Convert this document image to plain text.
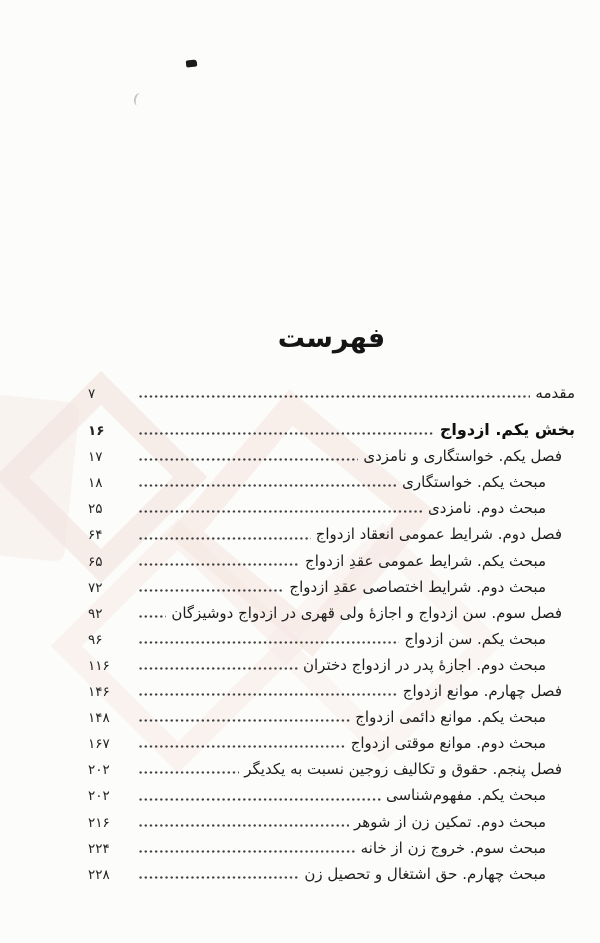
فهرست
مقدمه
۷
بخش یکم. ازدواج
۱۶
فصل یکم. خواستگاری و نامزدی
۱۷
مبحث یکم. خواستگاری
۱۸
مبحث دوم. نامزدی
۲۵
فصل دوم. شرایط عمومی انعقاد ازدواج
۶۴
مبحث یکم. شرایط عمومی عقدِ ازدواج
۶۵
مبحث دوم. شرایط اختصاصی عقدِ ازدواج
۷۲
فصل سوم. سن ازدواج و اجازهٔ ولی قهری در ازدواج دوشیزگان
۹۲
مبحث یکم. سن ازدواج
۹۶
مبحث دوم. اجازهٔ پدر در ازدواج دختران
۱۱۶
فصل چهارم. موانع ازدواج
۱۴۶
مبحث یکم. موانع دائمی ازدواج
۱۴۸
مبحث دوم. موانع موقتی ازدواج
۱۶۷
فصل پنجم. حقوق و تکالیف زوجین نسبت به یکدیگر
۲۰۲
مبحث یکم. مفهوم‌شناسی
۲۰۲
مبحث دوم. تمکین زن از شوهر
۲۱۶
مبحث سوم. خروج زن از خانه
۲۲۴
مبحث چهارم. حق اشتغال و تحصیل زن
۲۲۸
